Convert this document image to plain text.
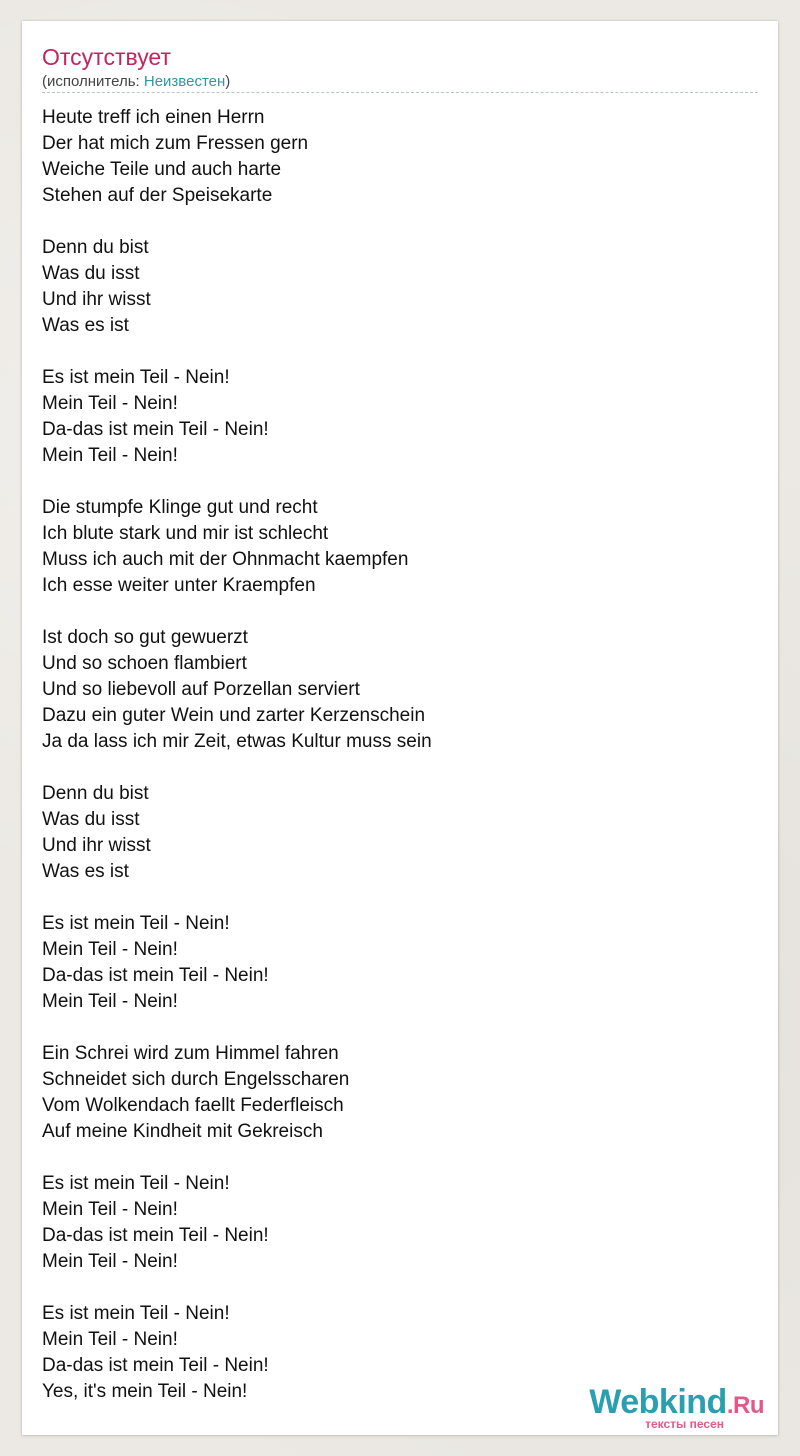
Отсутствует
(исполнитель: Неизвестен)
Heute treff ich einen Herrn
Der hat mich zum Fressen gern
Weiche Teile und auch harte
Stehen auf der Speisekarte
Denn du bist
Was du isst
Und ihr wisst
Was es ist
Es ist mein Teil - Nein!
Mein Teil - Nein!
Da-das ist mein Teil - Nein!
Mein Teil - Nein!
Die stumpfe Klinge gut und recht
Ich blute stark und mir ist schlecht
Muss ich auch mit der Ohnmacht kaempfen
Ich esse weiter unter Kraempfen
Ist doch so gut gewuerzt
Und so schoen flambiert
Und so liebevoll auf Porzellan serviert
Dazu ein guter Wein und zarter Kerzenschein
Ja da lass ich mir Zeit, etwas Kultur muss sein
Denn du bist
Was du isst
Und ihr wisst
Was es ist
Es ist mein Teil - Nein!
Mein Teil - Nein!
Da-das ist mein Teil - Nein!
Mein Teil - Nein!
Ein Schrei wird zum Himmel fahren
Schneidet sich durch Engelsscharen
Vom Wolkendach faellt Federfleisch
Auf meine Kindheit mit Gekreisch
Es ist mein Teil - Nein!
Mein Teil - Nein!
Da-das ist mein Teil - Nein!
Mein Teil - Nein!
Es ist mein Teil - Nein!
Mein Teil - Nein!
Da-das ist mein Teil - Nein!
Yes, it's mein Teil - Nein!	Webkind.Ru
тексты песен
